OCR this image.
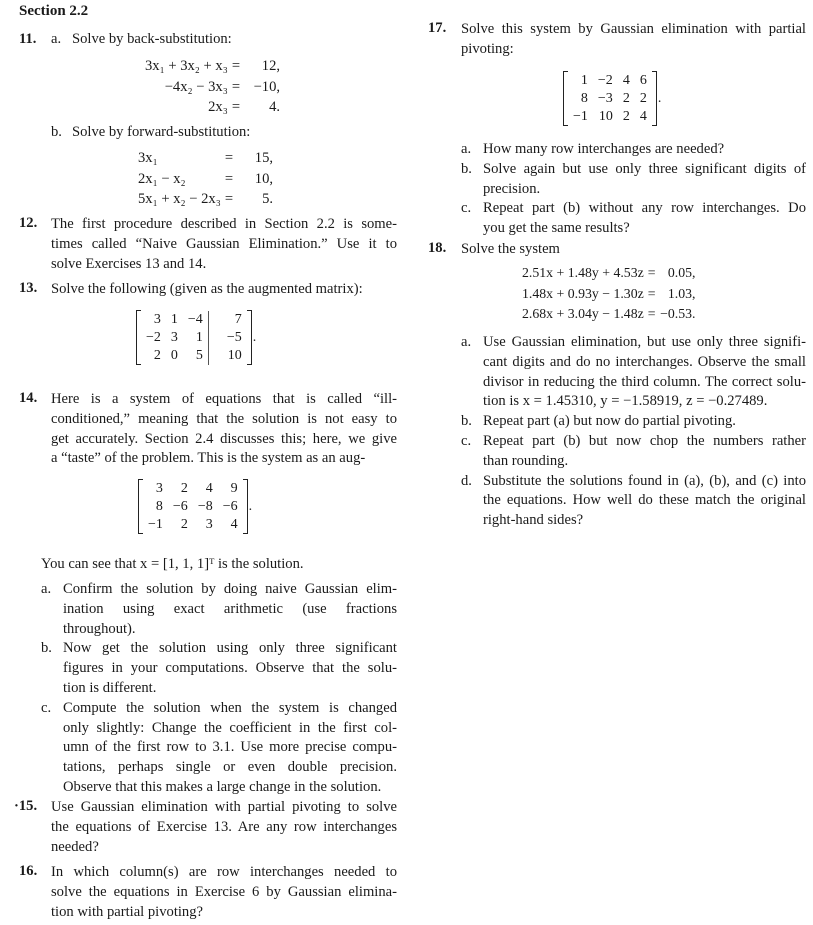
Section 2.2
11. a. Solve by back-substitution:
3x₁ + 3x₂ + x₃	=	12,
−4x₂ − 3x₃	=	−10,
2x₃	=	4.
b. Solve by forward-substitution:
3x₁	=	15,
2x₁ − x₂	=	10,
5x₁ + x₂ − 2x₃	=	5.
12. The first procedure described in Section 2.2 is some-
times called “Naive Gaussian Elimination.” Use it to
solve Exercises 13 and 14.
13. Solve the following (given as the augmented matrix):
	3	1	−4	7		.
	−2	3	1	−5		
	2	0	5	10		
14. Here is a system of equations that is called “ill-
conditioned,” meaning that the solution is not easy to
get accurately. Section 2.4 discusses this; here, we give
a “taste” of the problem. This is the system as an aug-
	3	2	4	9		.
	8	−6	−8	−6		
	−1	2	3	4		
You can see that x = [1, 1, 1]ᵀ is the solution.
a. Confirm the solution by doing naive Gaussian elim-
ination using exact arithmetic (use fractions
throughout).
b. Now get the solution using only three significant
figures in your computations. Observe that the solu-
tion is different.
c. Compute the solution when the system is changed
only slightly: Change the coefficient in the first col-
umn of the first row to 3.1. Use more precise compu-
tations, perhaps single or even double precision.
Observe that this makes a large change in the solution.
·15. Use Gaussian elimination with partial pivoting to solve
the equations of Exercise 13. Are any row interchanges
needed?
16. In which column(s) are row interchanges needed to
solve the equations in Exercise 6 by Gaussian elimina-
tion with partial pivoting?
17. Solve this system by Gaussian elimination with partial
pivoting:
	1	−2	4	6		.
	8	−3	2	2		
	−1	10	2	4		
a. How many row interchanges are needed?
b. Solve again but use only three significant digits of
precision.
c. Repeat part (b) without any row interchanges. Do
you get the same results?
18. Solve the system
2.51x + 1.48y + 4.53z	=	0.05,
1.48x + 0.93y − 1.30z	=	1.03,
2.68x + 3.04y − 1.48z	=	−0.53.
a. Use Gaussian elimination, but use only three signifi-
cant digits and do no interchanges. Observe the small
divisor in reducing the third column. The correct solu-
tion is x = 1.45310, y = −1.58919, z = −0.27489.
b. Repeat part (a) but now do partial pivoting.
c. Repeat part (b) but now chop the numbers rather
than rounding.
d. Substitute the solutions found in (a), (b), and (c) into
the equations. How well do these match the original
right-hand sides?
